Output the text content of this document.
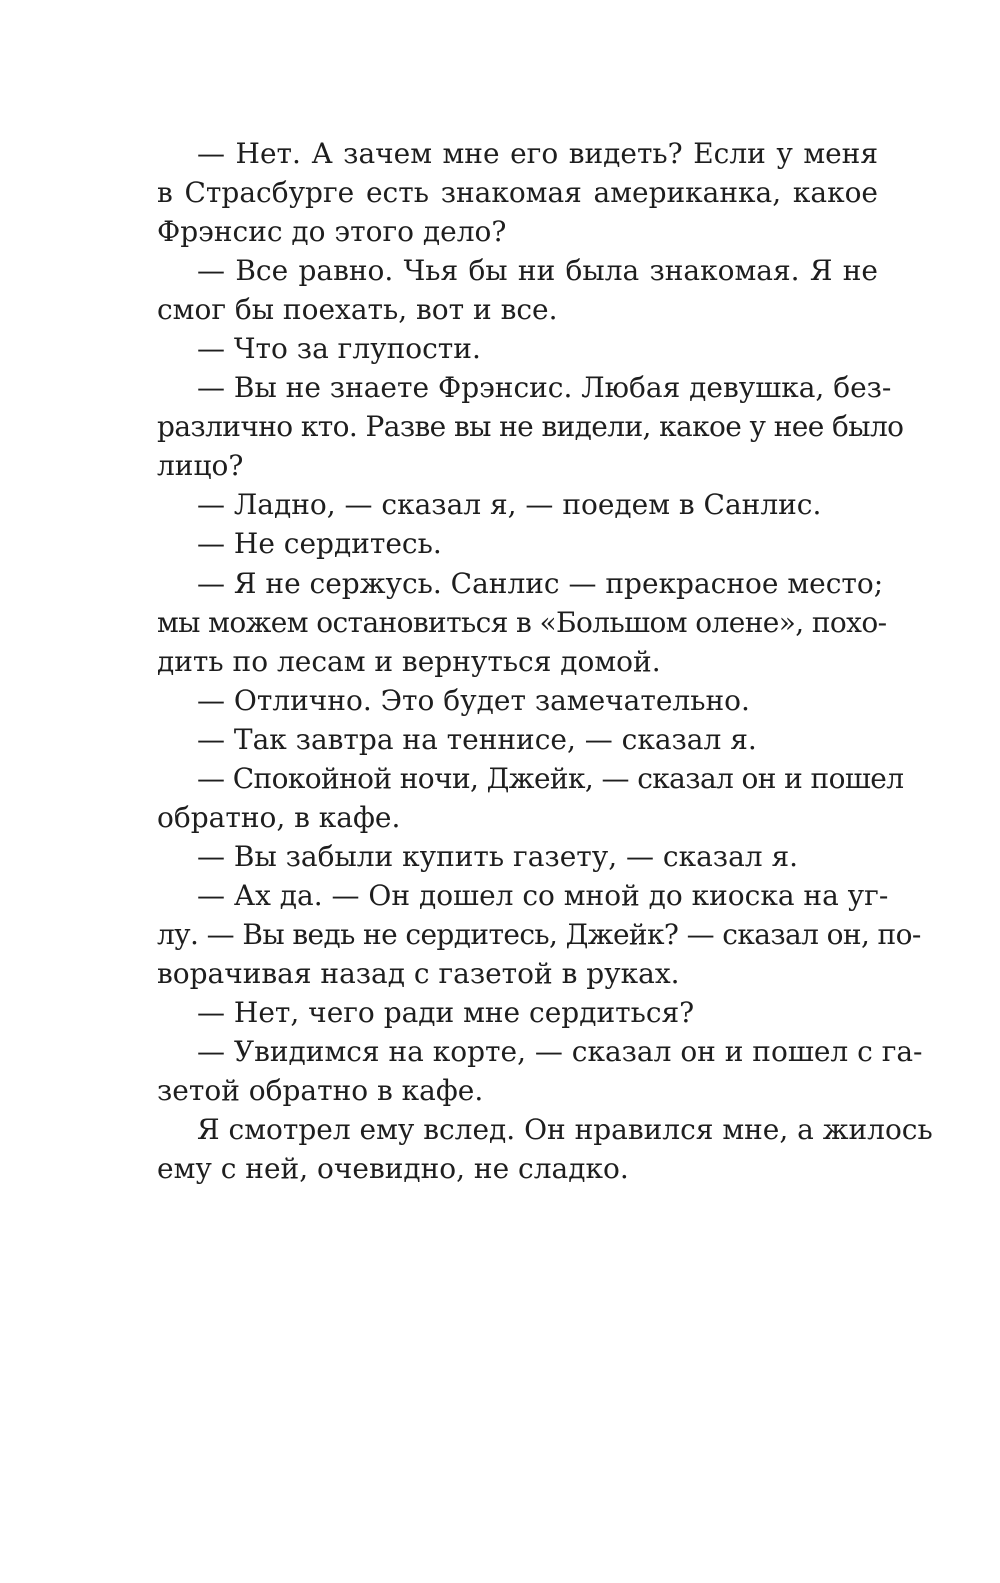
— Нет. А зачем мне его видеть? Если у меня
в Страсбурге есть знакомая американка, какое
Фрэнсис до этого дело?
— Все равно. Чья бы ни была знакомая. Я не
смог бы поехать, вот и все.
— Что за глупости.
— Вы не знаете Фрэнсис. Любая девушка, без-
различно кто. Разве вы не видели, какое у нее было
лицо?
— Ладно, — сказал я, — поедем в Санлис.
— Не сердитесь.
— Я не сержусь. Санлис — прекрасное место;
мы можем остановиться в «Большом олене», похо-
дить по лесам и вернуться домой.
— Отлично. Это будет замечательно.
— Так завтра на теннисе, — сказал я.
— Спокойной ночи, Джейк, — сказал он и пошел
обратно, в кафе.
— Вы забыли купить газету, — сказал я.
— Ах да. — Он дошел со мной до киоска на уг-
лу. — Вы ведь не сердитесь, Джейк? — сказал он, по-
ворачивая назад с газетой в руках.
— Нет, чего ради мне сердиться?
— Увидимся на корте, — сказал он и пошел с га-
зетой обратно в кафе.
Я смотрел ему вслед. Он нравился мне, а жилось
ему с ней, очевидно, не сладко.
